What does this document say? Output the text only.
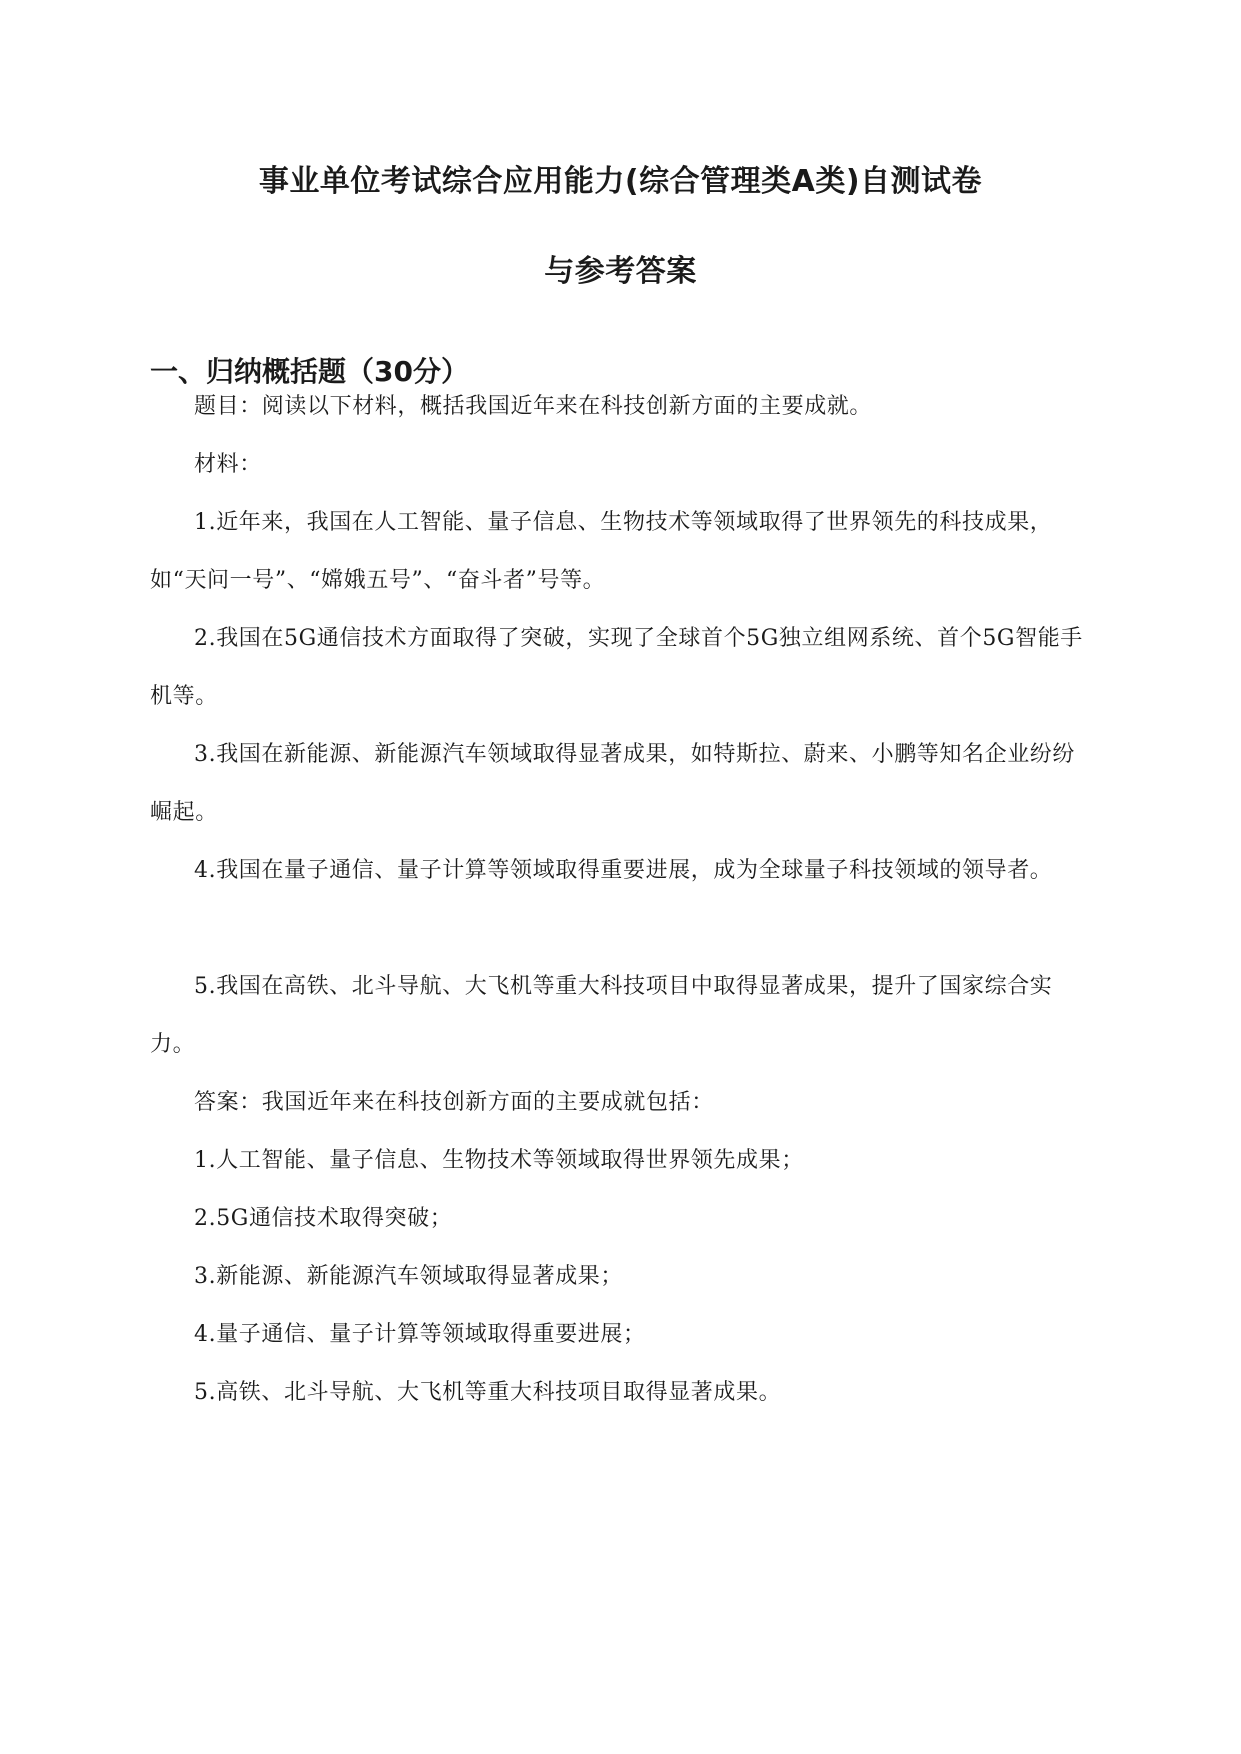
事业单位考试综合应用能力(综合管理类A类)自测试卷
与参考答案
一、归纳概括题（30分）
题目：阅读以下材料，概括我国近年来在科技创新方面的主要成就。
材料：
1.近年来，我国在人工智能、量子信息、生物技术等领域取得了世界领先的科技成果，如“天问一号”、“嫦娥五号”、“奋斗者”号等。
2.我国在5G通信技术方面取得了突破，实现了全球首个5G独立组网系统、首个5G智能手机等。
3.我国在新能源、新能源汽车领域取得显著成果，如特斯拉、蔚来、小鹏等知名企业纷纷崛起。
4.我国在量子通信、量子计算等领域取得重要进展，成为全球量子科技领域的领导者。
5.我国在高铁、北斗导航、大飞机等重大科技项目中取得显著成果，提升了国家综合实力。
答案：我国近年来在科技创新方面的主要成就包括：
1.人工智能、量子信息、生物技术等领域取得世界领先成果；
2.5G通信技术取得突破；
3.新能源、新能源汽车领域取得显著成果；
4.量子通信、量子计算等领域取得重要进展；
5.高铁、北斗导航、大飞机等重大科技项目取得显著成果。
